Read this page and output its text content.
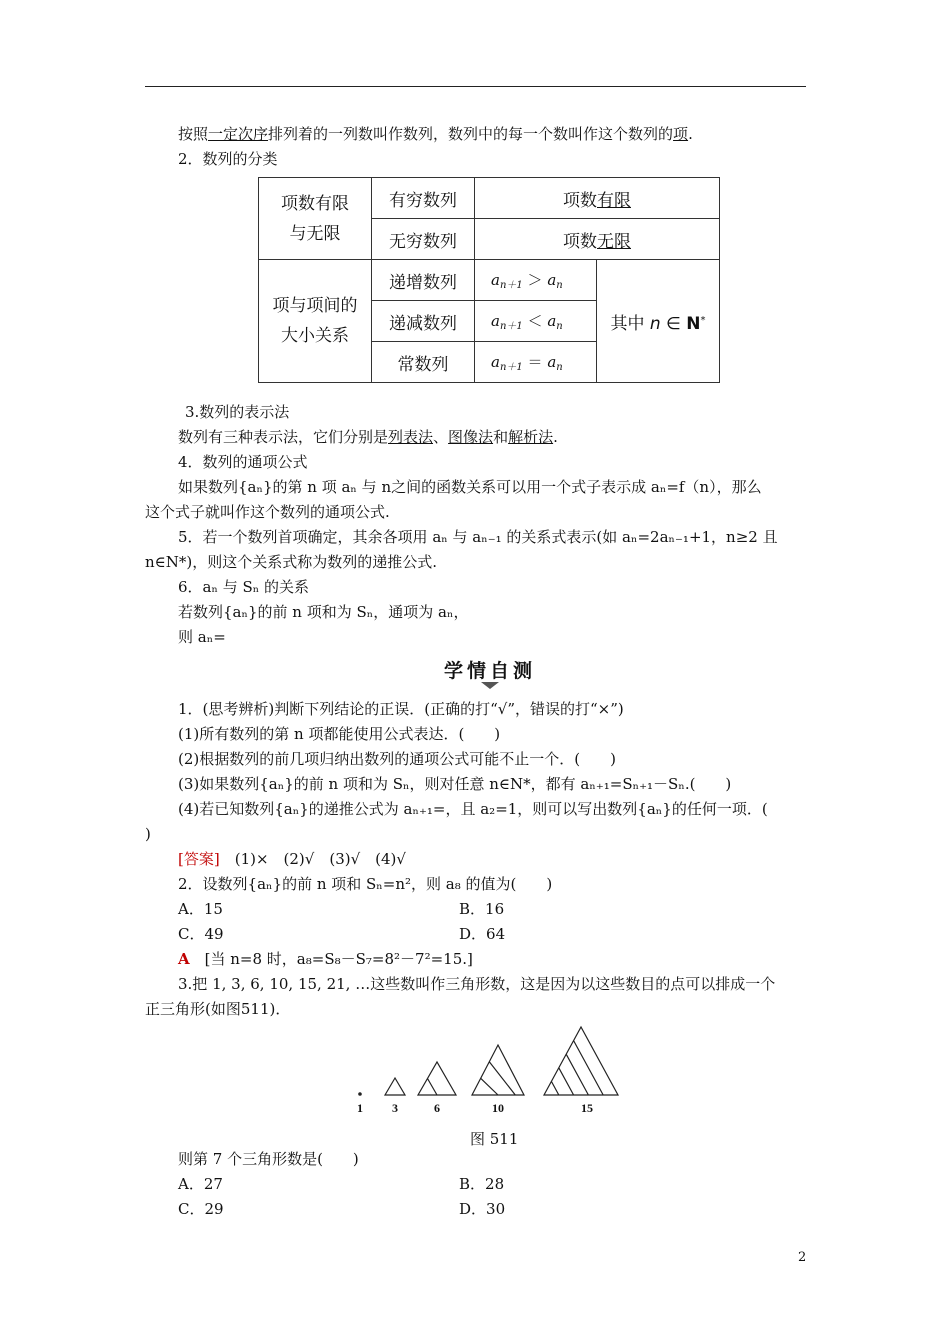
按照一定次序排列着的一列数叫作数列，数列中的每一个数叫作这个数列的项.
2．数列的分类
项数有限与无限	有穷数列	项数有限	
	无穷数列	项数无限	

项与项间的大小关系	递增数列	$a_{n+1} > a_n$	其中 n ∈ N*
	递减数列	$a_{n+1} < a_n$
	常数列	$a_{n+1} = a_n$
3.数列的表示法
数列有三种表示法，它们分别是列表法、图像法和解析法.
4．数列的通项公式
如果数列{aₙ}的第 n 项 aₙ 与 n之间的函数关系可以用一个式子表示成 aₙ=f（n），那么
这个式子就叫作这个数列的通项公式.
5．若一个数列首项确定，其余各项用 aₙ 与 aₙ₋₁ 的关系式表示(如 aₙ=2aₙ₋₁+1，n≥2 且
n∈N*)，则这个关系式称为数列的递推公式.
6．aₙ 与 Sₙ 的关系
若数列{aₙ}的前 n 项和为 Sₙ，通项为 aₙ，
则 aₙ=
学情自测
1．(思考辨析)判断下列结论的正误．(正确的打“√”，错误的打“×”)
(1)所有数列的第 n 项都能使用公式表达．(　　)
(2)根据数列的前几项归纳出数列的通项公式可能不止一个．(　　)
(3)如果数列{aₙ}的前 n 项和为 Sₙ，则对任意 n∈N*，都有 aₙ₊₁=Sₙ₊₁－Sₙ.(　　)
(4)若已知数列{aₙ}的递推公式为 aₙ₊₁=，且 a₂=1，则可以写出数列{aₙ}的任何一项．(
)
[答案]　(1)×　(2)√　(3)√　(4)√
2．设数列{aₙ}的前 n 项和 Sₙ=n²，则 a₈ 的值为(　　)
A．15	B．16
C．49	D．64
A　[当 n=8 时，a₈=S₈－S₇=8²－7²=15.]
3.把 1, 3, 6, 10, 15, 21, …这些数叫作三角形数，这是因为以这些数目的点可以排成一个
正三角形(如图511)．
1 3	6	10	15
图 511
则第 7 个三角形数是(　　)
A．27	B．28
C．29	D．30
2
